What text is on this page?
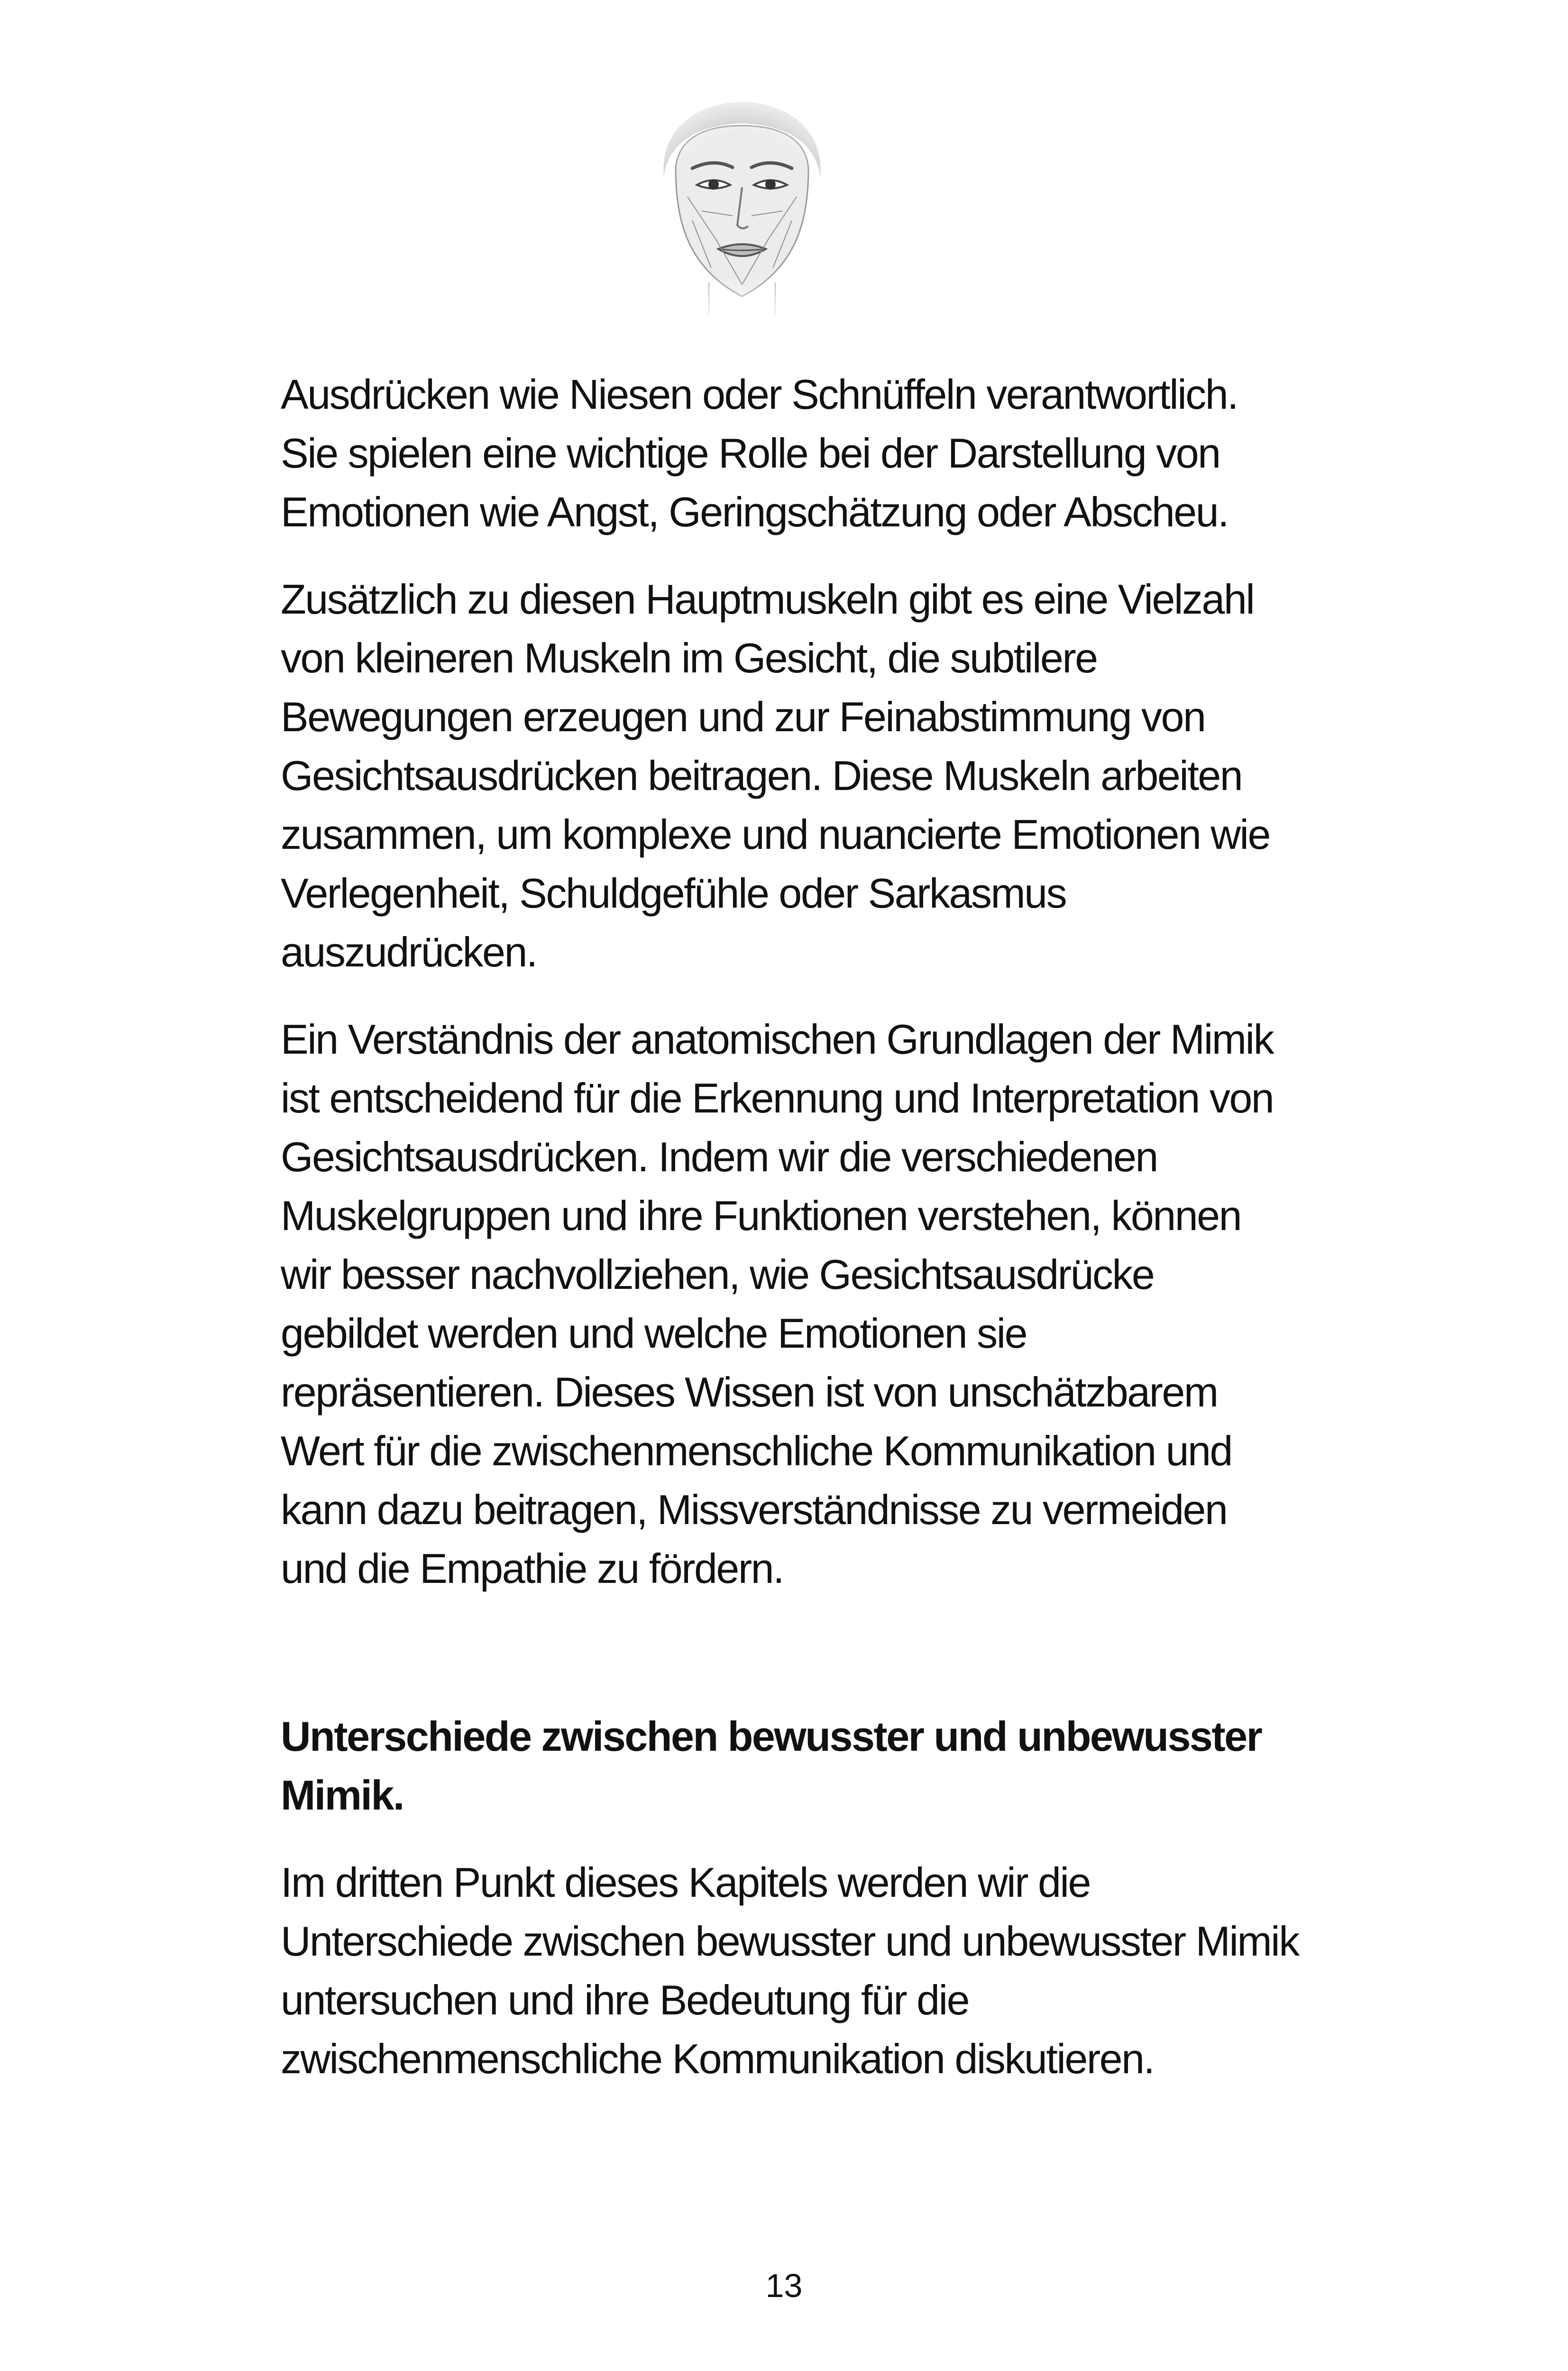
Ausdrücken wie Niesen oder Schnüffeln verantwortlich.
Sie spielen eine wichtige Rolle bei der Darstellung von
Emotionen wie Angst, Geringschätzung oder Abscheu.

Zusätzlich zu diesen Hauptmuskeln gibt es eine Vielzahl
von kleineren Muskeln im Gesicht, die subtilere
Bewegungen erzeugen und zur Feinabstimmung von
Gesichtsausdrücken beitragen. Diese Muskeln arbeiten
zusammen, um komplexe und nuancierte Emotionen wie
Verlegenheit, Schuldgefühle oder Sarkasmus
auszudrücken.

Ein Verständnis der anatomischen Grundlagen der Mimik
ist entscheidend für die Erkennung und Interpretation von
Gesichtsausdrücken. Indem wir die verschiedenen
Muskelgruppen und ihre Funktionen verstehen, können
wir besser nachvollziehen, wie Gesichtsausdrücke
gebildet werden und welche Emotionen sie
repräsentieren. Dieses Wissen ist von unschätzbarem
Wert für die zwischenmenschliche Kommunikation und
kann dazu beitragen, Missverständnisse zu vermeiden
und die Empathie zu fördern.

Unterschiede zwischen bewusster und unbewusster
Mimik.

Im dritten Punkt dieses Kapitels werden wir die
Unterschiede zwischen bewusster und unbewusster Mimik
untersuchen und ihre Bedeutung für die
zwischenmenschliche Kommunikation diskutieren.

13
